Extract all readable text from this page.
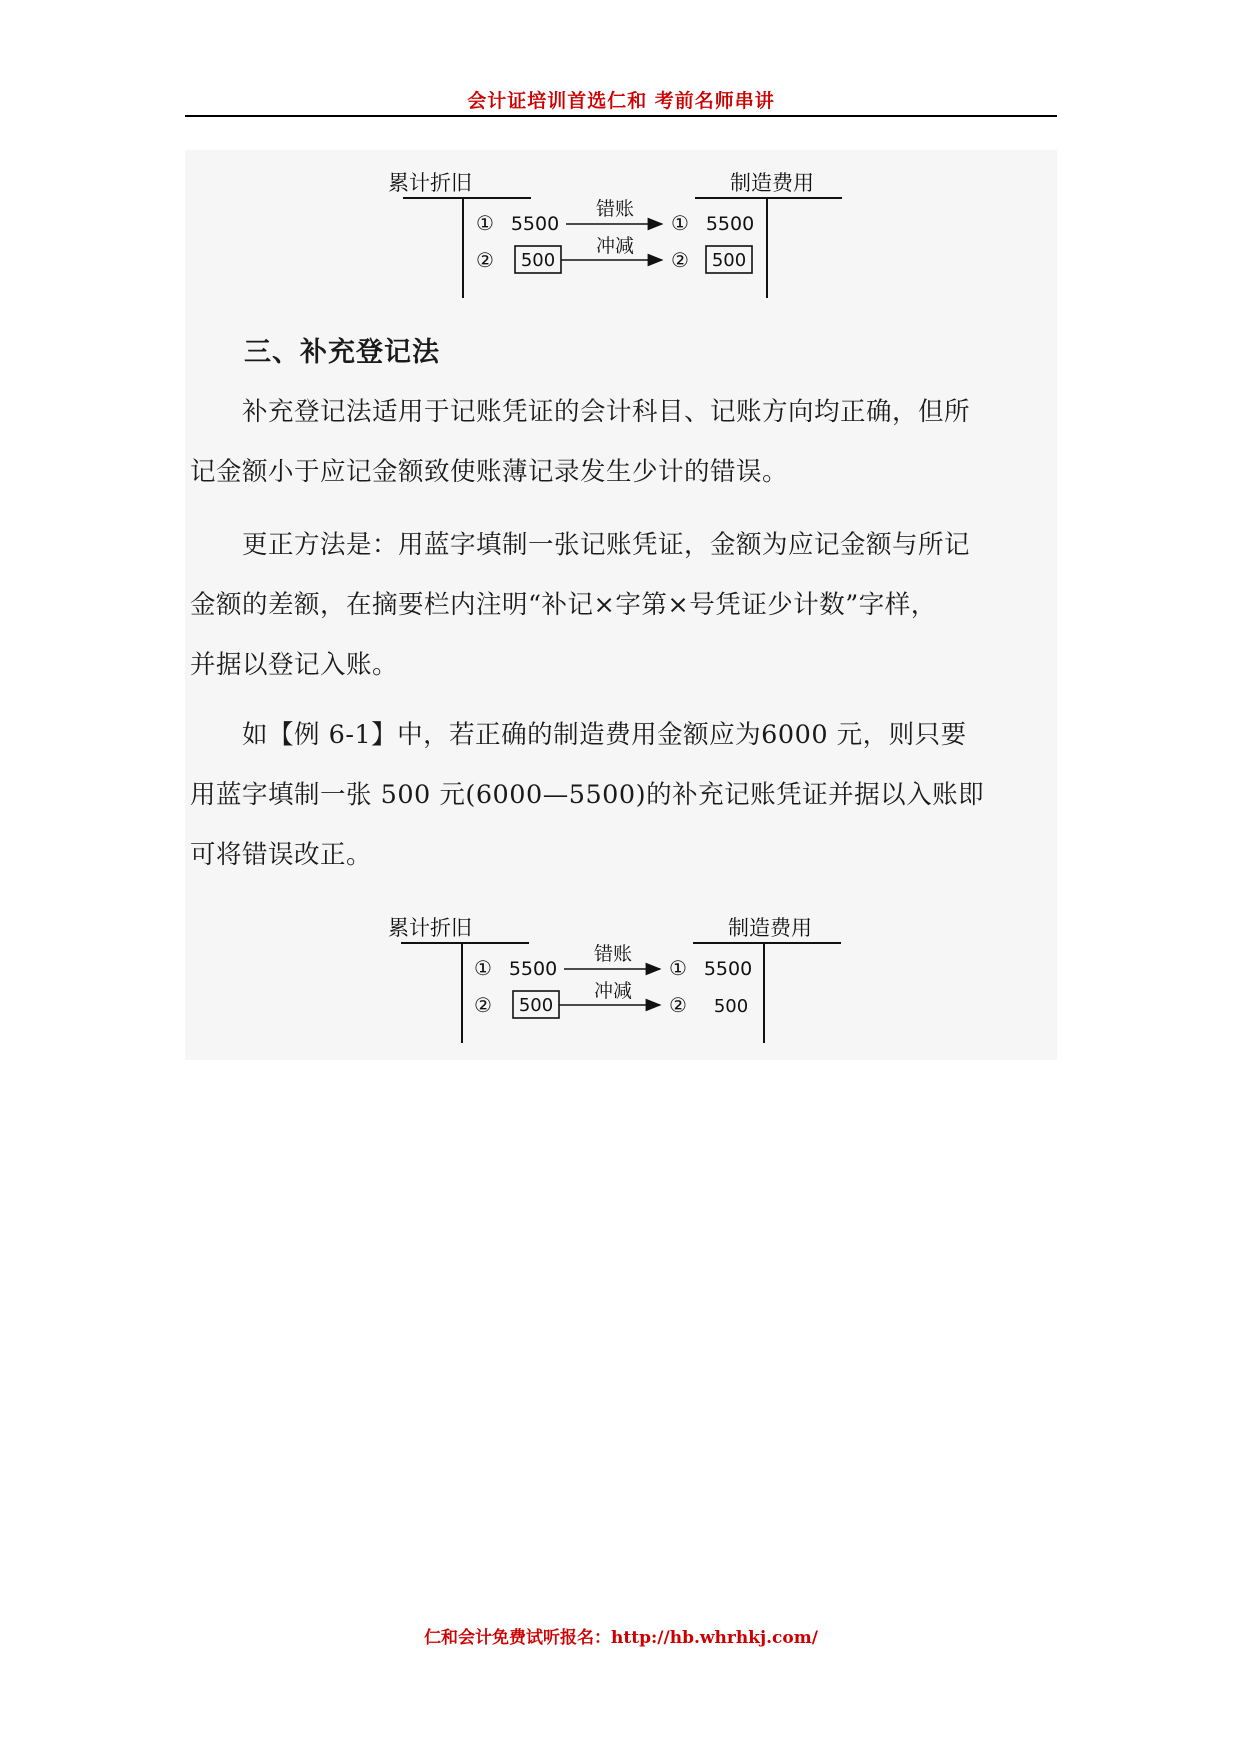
会计证培训首选仁和 考前名师串讲
累计折旧	制造费用
① 5500
错账
① 5500
② 500
冲减
② 500
三、补充登记法
　　补充登记法适用于记账凭证的会计科目、记账方向均正确，但所
记金额小于应记金额致使账薄记录发生少计的错误。
　　更正方法是：用蓝字填制一张记账凭证，金额为应记金额与所记
金额的差额，在摘要栏内注明“补记×字第×号凭证少计数”字样，
并据以登记入账。
　　如【例 6-1】中，若正确的制造费用金额应为6000 元，则只要
用蓝字填制一张 500 元(6000—5500)的补充记账凭证并据以入账即
可将错误改正。
累计折旧	制造费用
① 5500
错账
① 5500
② 500
冲减
② 500
仁和会计免费试听报名：http://hb.whrhkj.com/
